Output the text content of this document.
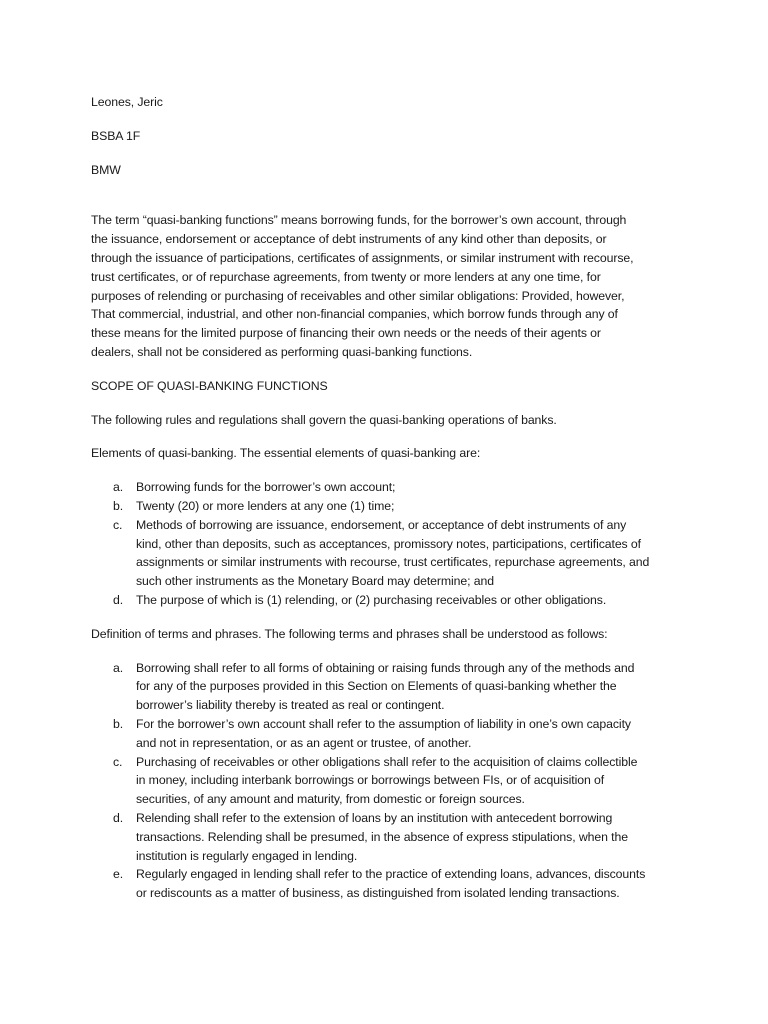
Leones, Jeric

BSBA 1F

BMW

The term “quasi-banking functions” means borrowing funds, for the borrower’s own account, through
the issuance, endorsement or acceptance of debt instruments of any kind other than deposits, or
through the issuance of participations, certificates of assignments, or similar instrument with recourse,
trust certificates, or of repurchase agreements, from twenty or more lenders at any one time, for
purposes of relending or purchasing of receivables and other similar obligations: Provided, however,
That commercial, industrial, and other non-financial companies, which borrow funds through any of
these means for the limited purpose of financing their own needs or the needs of their agents or
dealers, shall not be considered as performing quasi-banking functions.

SCOPE OF QUASI-BANKING FUNCTIONS

The following rules and regulations shall govern the quasi-banking operations of banks.

Elements of quasi-banking. The essential elements of quasi-banking are:

a. Borrowing funds for the borrower’s own account;
b. Twenty (20) or more lenders at any one (1) time;
c. Methods of borrowing are issuance, endorsement, or acceptance of debt instruments of any
kind, other than deposits, such as acceptances, promissory notes, participations, certificates of
assignments or similar instruments with recourse, trust certificates, repurchase agreements, and
such other instruments as the Monetary Board may determine; and
d. The purpose of which is (1) relending, or (2) purchasing receivables or other obligations.

Definition of terms and phrases. The following terms and phrases shall be understood as follows:

a. Borrowing shall refer to all forms of obtaining or raising funds through any of the methods and
for any of the purposes provided in this Section on Elements of quasi-banking whether the
borrower’s liability thereby is treated as real or contingent.
b. For the borrower’s own account shall refer to the assumption of liability in one’s own capacity
and not in representation, or as an agent or trustee, of another.
c. Purchasing of receivables or other obligations shall refer to the acquisition of claims collectible
in money, including interbank borrowings or borrowings between FIs, or of acquisition of
securities, of any amount and maturity, from domestic or foreign sources.
d. Relending shall refer to the extension of loans by an institution with antecedent borrowing
transactions. Relending shall be presumed, in the absence of express stipulations, when the
institution is regularly engaged in lending.
e. Regularly engaged in lending shall refer to the practice of extending loans, advances, discounts
or rediscounts as a matter of business, as distinguished from isolated lending transactions.
